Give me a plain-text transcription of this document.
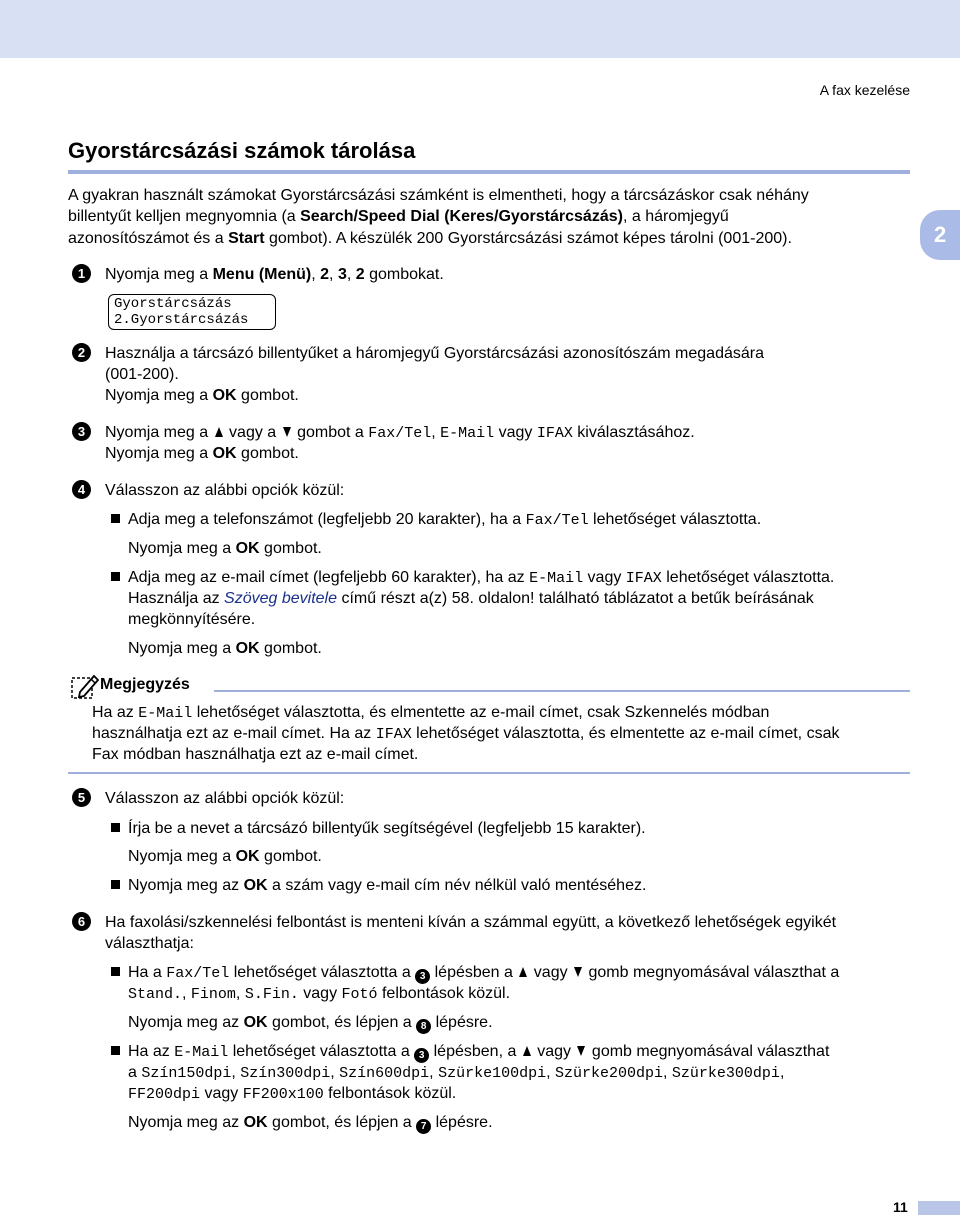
A fax kezelése
Gyorstárcsázási számok tárolása
2

A gyakran használt számokat Gyorstárcsázási számként is elmentheti, hogy a tárcsázáskor csak néhány

billentyűt kelljen megnyomnia (a Search/Speed Dial (Keres/Gyorstárcsázás), a háromjegyű

azonosítószámot és a Start gombot). A készülék 200 Gyorstárcsázási számot képes tárolni (001-200).

1	Nyomja meg a Menu (Menü), 2, 3, 2 gombokat.

Gyorstárcsázás
2.Gyorstárcsázás
2	Használja a tárcsázó billentyűket a háromjegyű Gyorstárcsázási azonosítószám megadására

(001-200).

Nyomja meg a OK gombot.

3	Nyomja meg a  vagy a  gombot a Fax/Tel, E-Mail vagy IFAX kiválasztásához.

Nyomja meg a OK gombot.

4	Válasszon az alábbi opciók közül:

Adja meg a telefonszámot (legfeljebb 20 karakter), ha a Fax/Tel lehetőséget választotta.

Nyomja meg a OK gombot.

Adja meg az e-mail címet (legfeljebb 60 karakter), ha az E-Mail vagy IFAX lehetőséget választotta.

Használja az Szöveg bevitele című részt a(z) 58. oldalon! található táblázatot a betűk beírásának

megkönnyítésére.

Nyomja meg a OK gombot.

Megjegyzés

Ha az E-Mail lehetőséget választotta, és elmentette az e-mail címet, csak Szkennelés módban

használhatja ezt az e-mail címet. Ha az IFAX lehetőséget választotta, és elmentette az e-mail címet, csak

Fax módban használhatja ezt az e-mail címet.

5	Válasszon az alábbi opciók közül:

Írja be a nevet a tárcsázó billentyűk segítségével (legfeljebb 15 karakter).

Nyomja meg a OK gombot.

Nyomja meg az OK a szám vagy e-mail cím név nélkül való mentéséhez.

6	Ha faxolási/szkennelési felbontást is menteni kíván a számmal együtt, a következő lehetőségek egyikét

választhatja:

Ha a Fax/Tel lehetőséget választotta a 3 lépésben a  vagy  gomb megnyomásával választhat a

Stand., Finom, S.Fin. vagy Fotó felbontások közül.

Nyomja meg az OK gombot, és lépjen a 8 lépésre.

Ha az E-Mail lehetőséget választotta a 3 lépésben, a  vagy  gomb megnyomásával választhat

a Szín150dpi, Szín300dpi, Szín600dpi, Szürke100dpi, Szürke200dpi, Szürke300dpi,

FF200dpi vagy FF200x100 felbontások közül.

Nyomja meg az OK gombot, és lépjen a 7 lépésre.

11
